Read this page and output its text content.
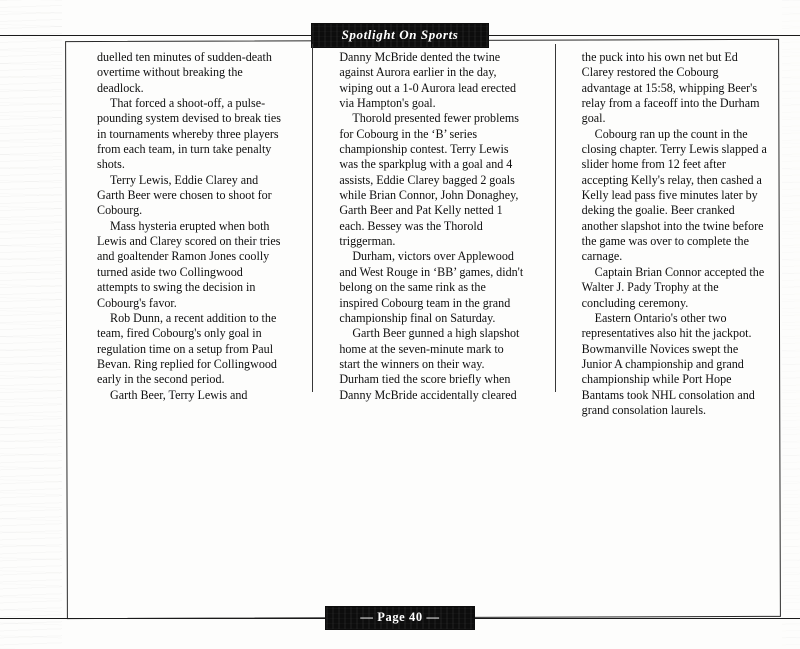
Spotlight On Sports

duelled ten minutes of sudden-death overtime without breaking the deadlock.

That forced a shoot-off, a pulse-pounding system devised to break ties in tournaments whereby three players from each team, in turn take penalty shots.

Terry Lewis, Eddie Clarey and Garth Beer were chosen to shoot for Cobourg.

Mass hysteria erupted when both Lewis and Clarey scored on their tries and goaltender Ramon Jones coolly turned aside two Collingwood attempts to swing the decision in Cobourg's favor.

Rob Dunn, a recent addition to the team, fired Cobourg's only goal in regulation time on a setup from Paul Bevan. Ring replied for Collingwood early in the second period.

Garth Beer, Terry Lewis and

Danny McBride dented the twine against Aurora earlier in the day, wiping out a 1-0 Aurora lead erected via Hampton's goal.

Thorold presented fewer problems for Cobourg in the ‘B’ series championship contest. Terry Lewis was the sparkplug with a goal and 4 assists, Eddie Clarey bagged 2 goals while Brian Connor, John Donaghey, Garth Beer and Pat Kelly netted 1 each. Bessey was the Thorold triggerman.

Durham, victors over Applewood and West Rouge in ‘BB’ games, didn't belong on the same rink as the inspired Cobourg team in the grand championship final on Saturday.

Garth Beer gunned a high slapshot home at the seven-minute mark to start the winners on their way. Durham tied the score briefly when Danny McBride accidentally cleared

the puck into his own net but Ed Clarey restored the Cobourg advantage at 15:58, whipping Beer's relay from a faceoff into the Durham goal.

Cobourg ran up the count in the closing chapter. Terry Lewis slapped a slider home from 12 feet after accepting Kelly's relay, then cashed a Kelly lead pass five minutes later by deking the goalie. Beer cranked another slapshot into the twine before the game was over to complete the carnage.

Captain Brian Connor accepted the Walter J. Pady Trophy at the concluding ceremony.

Eastern Ontario's other two representatives also hit the jackpot. Bowmanville Novices swept the Junior A championship and grand championship while Port Hope Bantams took NHL consolation and grand consolation laurels.

— Page 40 —
